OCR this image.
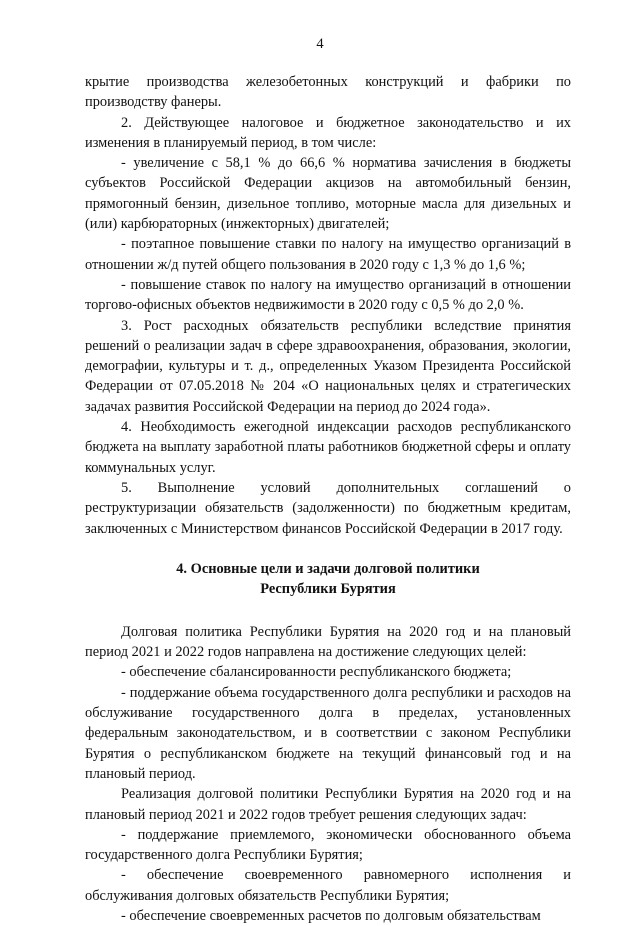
4

крытие производства железобетонных конструкций и фабрики по производству фанеры.

2. Действующее налоговое и бюджетное законодательство и их изменения в планируемый период, в том числе:

- увеличение с 58,1 % до 66,6 % норматива зачисления в бюджеты субъектов Российской Федерации акцизов на автомобильный бензин, прямогонный бензин, дизельное топливо, моторные масла для дизельных и (или) карбюраторных (инжекторных) двигателей;

- поэтапное повышение ставки по налогу на имущество организаций в отношении ж/д путей общего пользования в 2020 году с 1,3 % до 1,6 %;

- повышение ставок по налогу на имущество организаций в отношении торгово-офисных объектов недвижимости в 2020 году с 0,5 % до 2,0 %.

3. Рост расходных обязательств республики вследствие принятия решений о реализации задач в сфере здравоохранения, образования, экологии, демографии, культуры и т. д., определенных Указом Президента Российской Федерации от 07.05.2018 № 204 «О национальных целях и стратегических задачах развития Российской Федерации на период до 2024 года».

4. Необходимость ежегодной индексации расходов республиканского бюджета на выплату заработной платы работников бюджетной сферы и оплату коммунальных услуг.

5. Выполнение условий дополнительных соглашений о реструктуризации обязательств (задолженности) по бюджетным кредитам, заключенных с Министерством финансов Российской Федерации в 2017 году.

4. Основные цели и задачи долговой политики
Республики Бурятия

Долговая политика Республики Бурятия на 2020 год и на плановый период 2021 и 2022 годов направлена на достижение следующих целей:

- обеспечение сбалансированности республиканского бюджета;

- поддержание объема государственного долга республики и расходов на обслуживание государственного долга в пределах, установленных федеральным законодательством, и в соответствии с законом Республики Бурятия о республиканском бюджете на текущий финансовый год и на плановый период.

Реализация долговой политики Республики Бурятия на 2020 год и на плановый период 2021 и 2022 годов требует решения следующих задач:

- поддержание приемлемого, экономически обоснованного объема государственного долга Республики Бурятия;

- обеспечение своевременного равномерного исполнения и обслуживания долговых обязательств Республики Бурятия;

- обеспечение своевременных расчетов по долговым обязательствам
